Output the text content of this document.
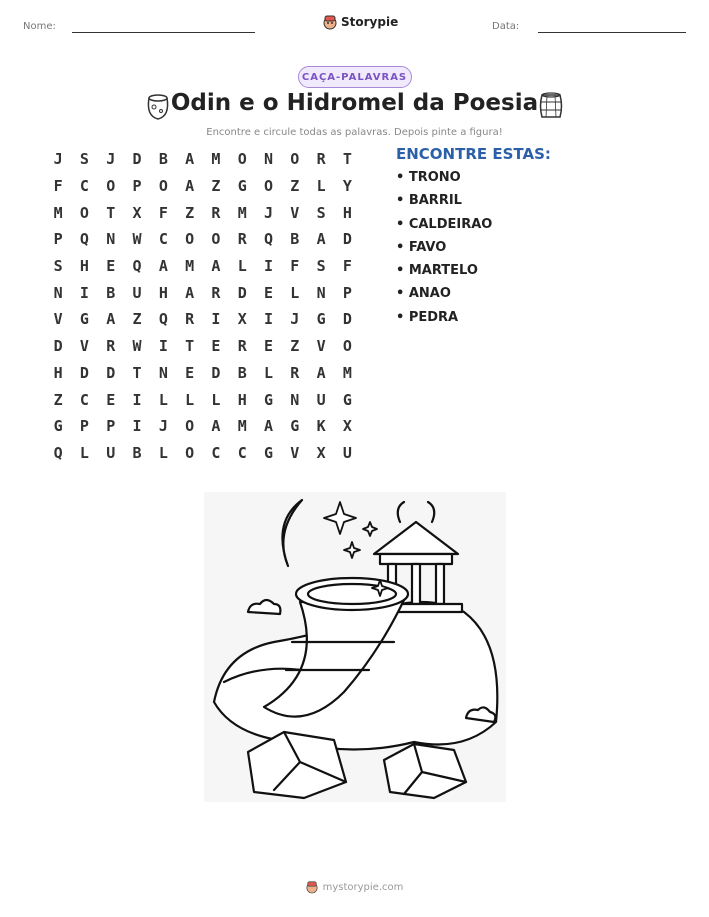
Nome:	Storypie	Data:
CAÇA-PALAVRAS
Odin e o Hidromel da Poesia
Encontre e circule todas as palavras. Depois pinte a figura!
J	S	J	D	B	A	M	O	N	O	R	T
F	C	O	P	O	A	Z	G	O	Z	L	Y
M	O	T	X	F	Z	R	M	J	V	S	H
P	Q	N	W	C	O	O	R	Q	B	A	D
S	H	E	Q	A	M	A	L	I	F	S	F
N	I	B	U	H	A	R	D	E	L	N	P
V	G	A	Z	Q	R	I	X	I	J	G	D
D	V	R	W	I	T	E	R	E	Z	V	O
H	D	D	T	N	E	D	B	L	R	A	M
Z	C	E	I	L	L	L	H	G	N	U	G
G	P	P	I	J	O	A	M	A	G	K	X
Q	L	U	B	L	O	C	C	G	V	X	U
ENCONTRE ESTAS:
• TRONO
• BARRIL
• CALDEIRAO
• FAVO
• MARTELO
• ANAO
• PEDRA
mystorypie.com
